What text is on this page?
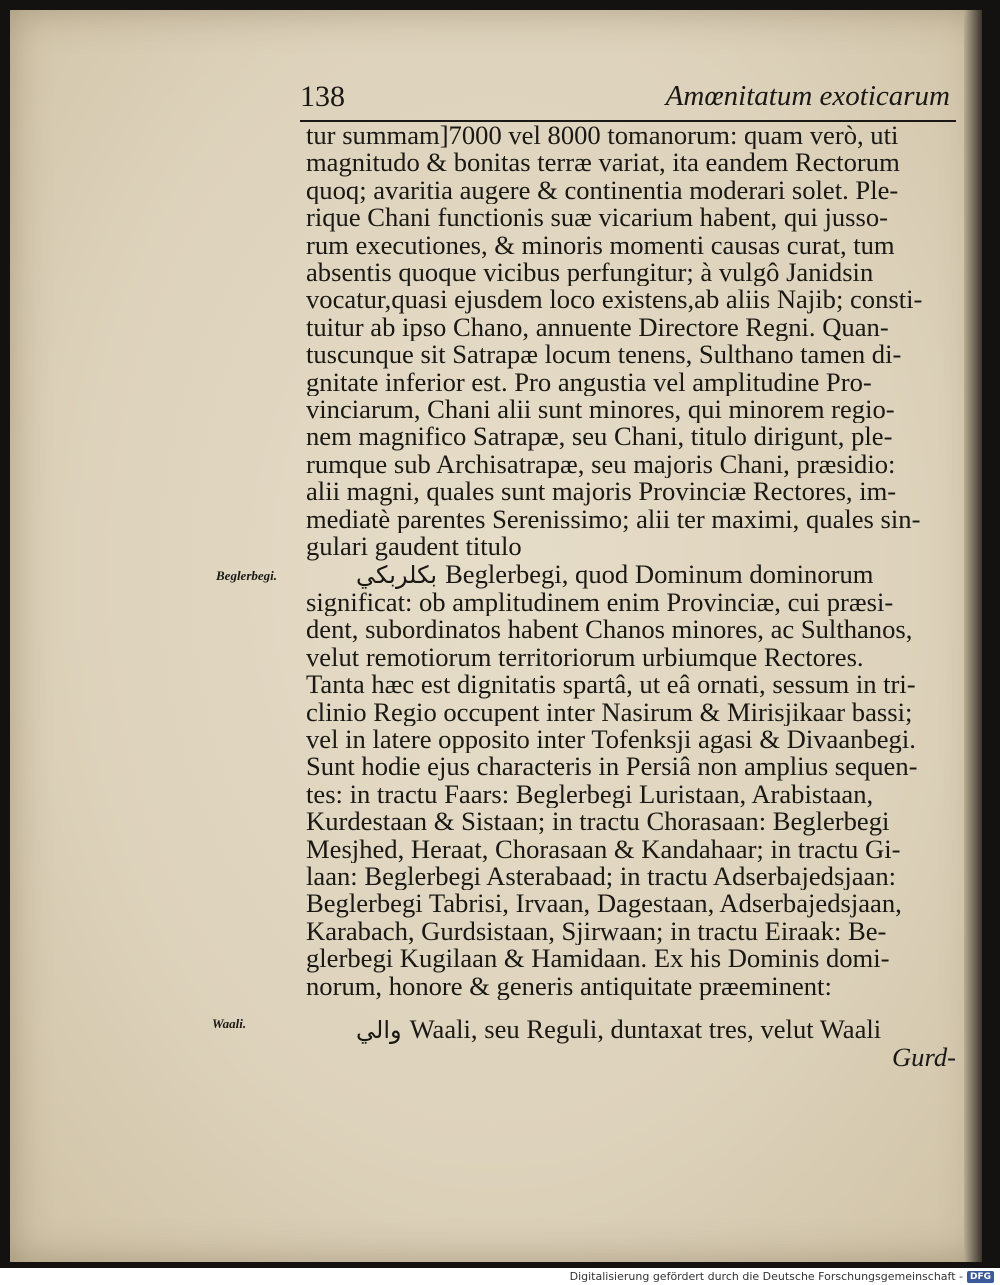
138	Amœnitatum exoticarum
Beglerbegi.
Waali.
tur summam]7000 vel 8000 tomanorum: quam verò, uti
magnitudo & bonitas terræ variat, ita eandem Rectorum
quoq; avaritia augere & continentia moderari solet. Ple-
rique Chani functionis suæ vicarium habent, qui jusso-
rum executiones, & minoris momenti causas curat, tum
absentis quoque vicibus perfungitur; à vulgô Janidsin
vocatur,quasi ejusdem loco existens,ab aliis Najib; consti-
tuitur ab ipso Chano, annuente Directore Regni. Quan-
tuscunque sit Satrapæ locum tenens, Sulthano tamen di-
gnitate inferior est. Pro angustia vel amplitudine Pro-
vinciarum, Chani alii sunt minores, qui minorem regio-
nem magnifico Satrapæ, seu Chani, titulo dirigunt, ple-
rumque sub Archisatrapæ, seu majoris Chani, præsidio:
alii magni, quales sunt majoris Provinciæ Rectores, im-
mediatè parentes Serenissimo; alii ter maximi, quales sin-
gulari gaudent titulo
بكلربكي Beglerbegi, quod Dominum dominorum
significat: ob amplitudinem enim Provinciæ, cui præsi-
dent, subordinatos habent Chanos minores, ac Sulthanos,
velut remotiorum territoriorum urbiumque Rectores.
Tanta hæc est dignitatis spartâ, ut eâ ornati, sessum in tri-
clinio Regio occupent inter Nasirum & Mirisjikaar bassi;
vel in latere opposito inter Tofenksji agasi & Divaanbegi.
Sunt hodie ejus characteris in Persiâ non amplius sequen-
tes: in tractu Faars: Beglerbegi Luristaan, Arabistaan,
Kurdestaan & Sistaan; in tractu Chorasaan: Beglerbegi
Mesjhed, Heraat, Chorasaan & Kandahaar; in tractu Gi-
laan: Beglerbegi Asterabaad; in tractu Adserbajedsjaan:
Beglerbegi Tabrisi, Irvaan, Dagestaan, Adserbajedsjaan,
Karabach, Gurdsistaan, Sjirwaan; in tractu Eiraak: Be-
glerbegi Kugilaan & Hamidaan. Ex his Dominis domi-
norum, honore & generis antiquitate præeminent:
والي Waali, seu Reguli, duntaxat tres, velut Waali
Gurd-
Digitalisierung gefördert durch die Deutsche Forschungsgemeinschaft - DFG
